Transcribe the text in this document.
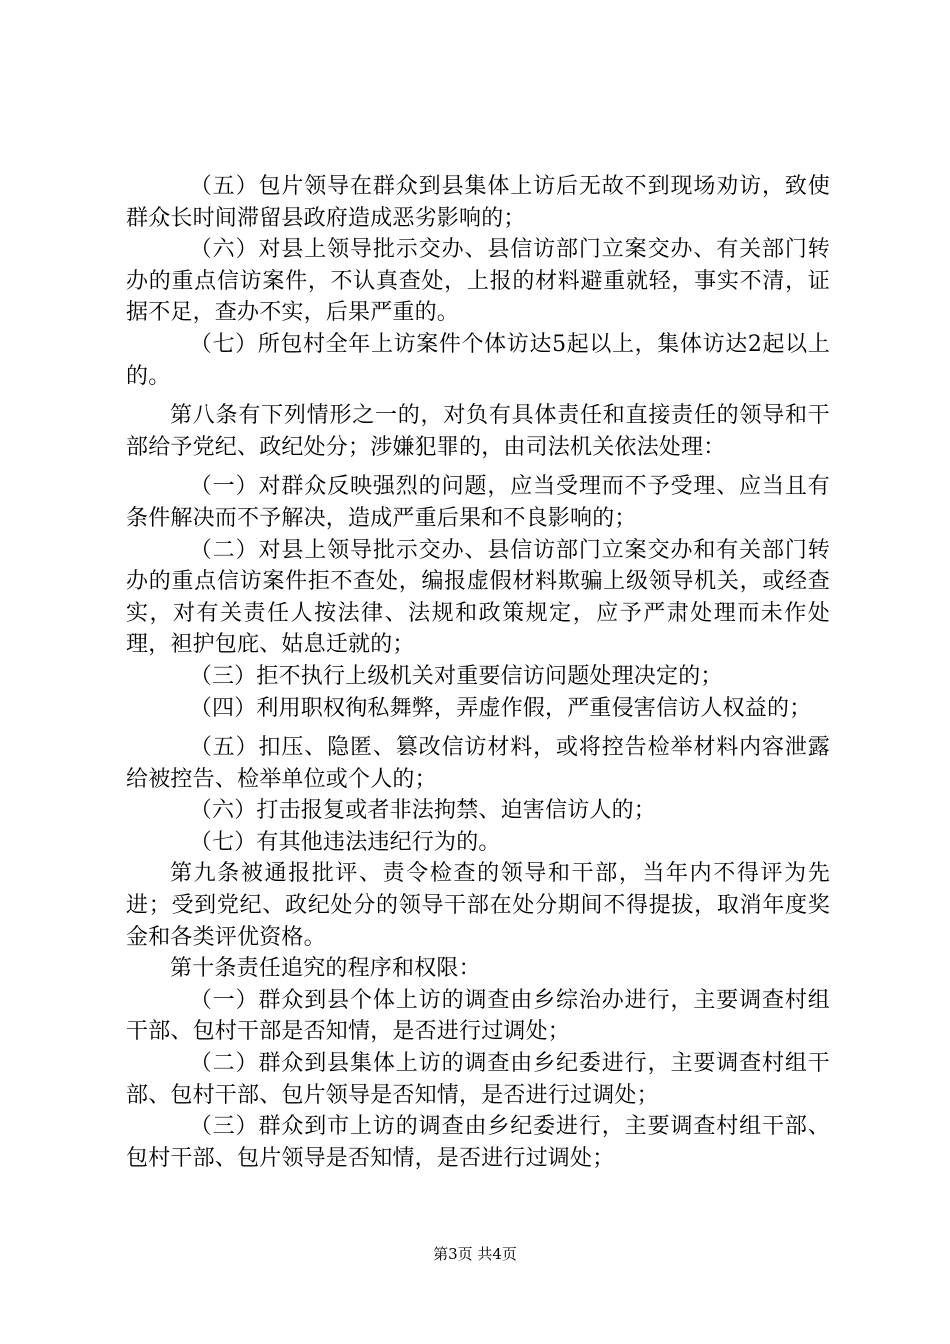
（五）包片领导在群众到县集体上访后无故不到现场劝访，致使群众长时间滞留县政府造成恶劣影响的；

（六）对县上领导批示交办、县信访部门立案交办、有关部门转办的重点信访案件，不认真查处，上报的材料避重就轻，事实不清，证据不足，查办不实，后果严重的。

（七）所包村全年上访案件个体访达5起以上，集体访达2起以上的。

第八条有下列情形之一的，对负有具体责任和直接责任的领导和干部给予党纪、政纪处分；涉嫌犯罪的，由司法机关依法处理：

（一）对群众反映强烈的问题，应当受理而不予受理、应当且有条件解决而不予解决，造成严重后果和不良影响的；

（二）对县上领导批示交办、县信访部门立案交办和有关部门转办的重点信访案件拒不查处，编报虚假材料欺骗上级领导机关，或经查实，对有关责任人按法律、法规和政策规定，应予严肃处理而未作处理，袒护包庇、姑息迁就的；

（三）拒不执行上级机关对重要信访问题处理决定的；

（四）利用职权徇私舞弊，弄虚作假，严重侵害信访人权益的；

（五）扣压、隐匿、篡改信访材料，或将控告检举材料内容泄露给被控告、检举单位或个人的；

（六）打击报复或者非法拘禁、迫害信访人的；

（七）有其他违法违纪行为的。

第九条被通报批评、责令检查的领导和干部，当年内不得评为先进；受到党纪、政纪处分的领导干部在处分期间不得提拔，取消年度奖金和各类评优资格。

第十条责任追究的程序和权限：

（一）群众到县个体上访的调查由乡综治办进行，主要调查村组干部、包村干部是否知情，是否进行过调处；

（二）群众到县集体上访的调查由乡纪委进行，主要调查村组干部、包村干部、包片领导是否知情，是否进行过调处；

（三）群众到市上访的调查由乡纪委进行，主要调查村组干部、包村干部、包片领导是否知情，是否进行过调处；

第3页 共4页
